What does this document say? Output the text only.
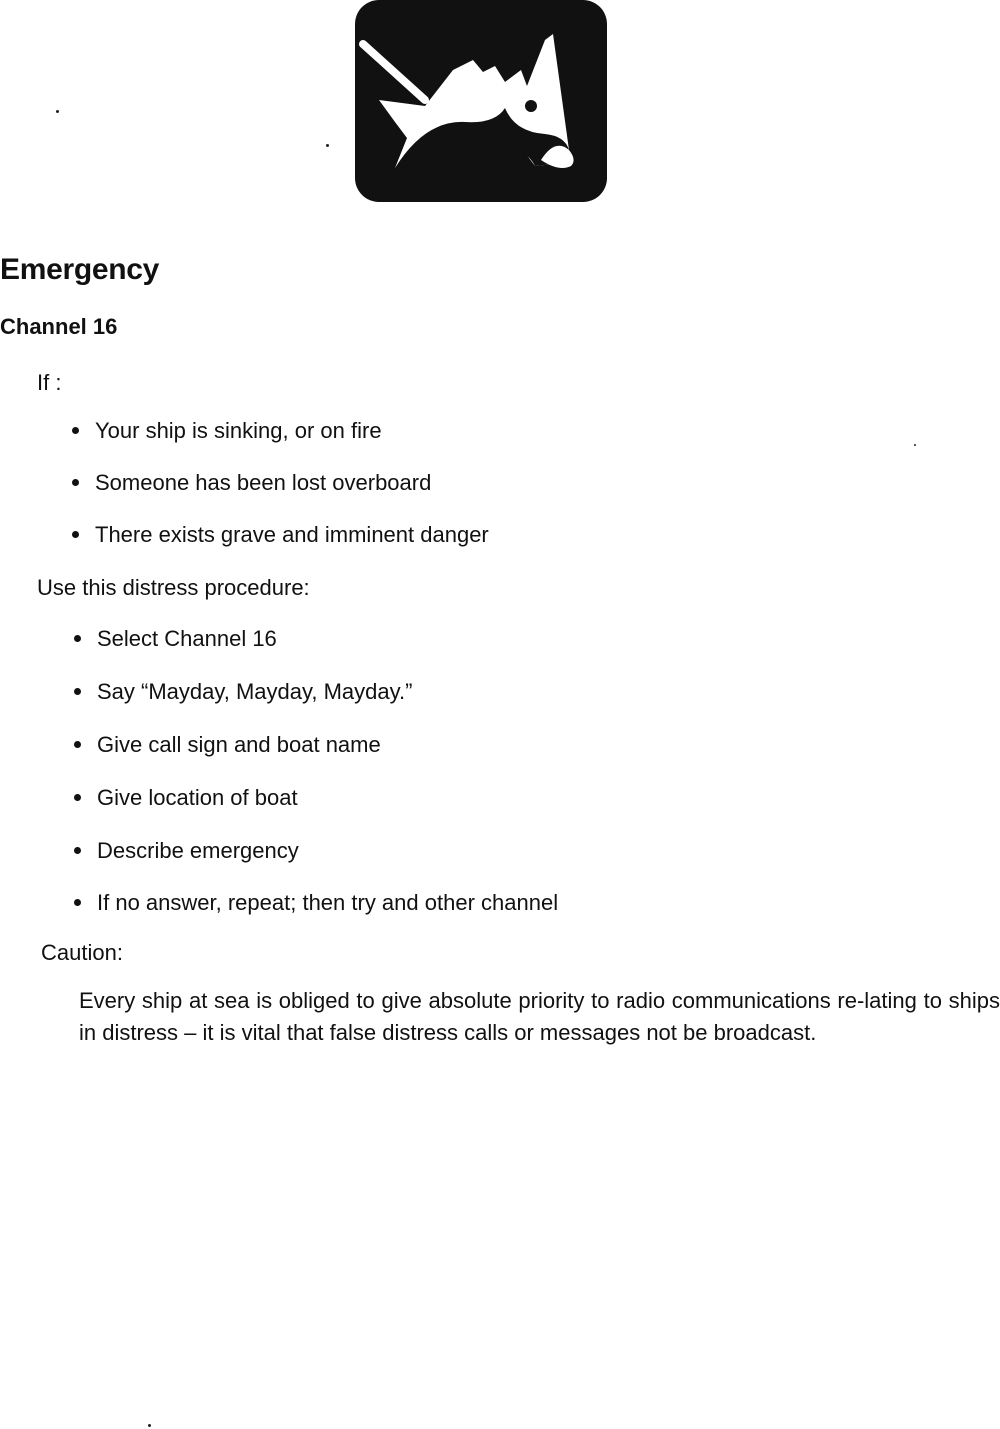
Emergency
Channel 16

If :

Your ship is sinking, or on fire
Someone has been lost overboard
There exists grave and imminent danger

Use this distress procedure:

Select Channel 16
Say “Mayday, Mayday, Mayday.”
Give call sign and boat name
Give location of boat
Describe emergency
If no answer, repeat; then try and other channel

Caution:

Every ship at sea is obliged to give absolute priority to radio communications re-lating to ships in distress – it is vital that false distress calls or messages not be broadcast.
